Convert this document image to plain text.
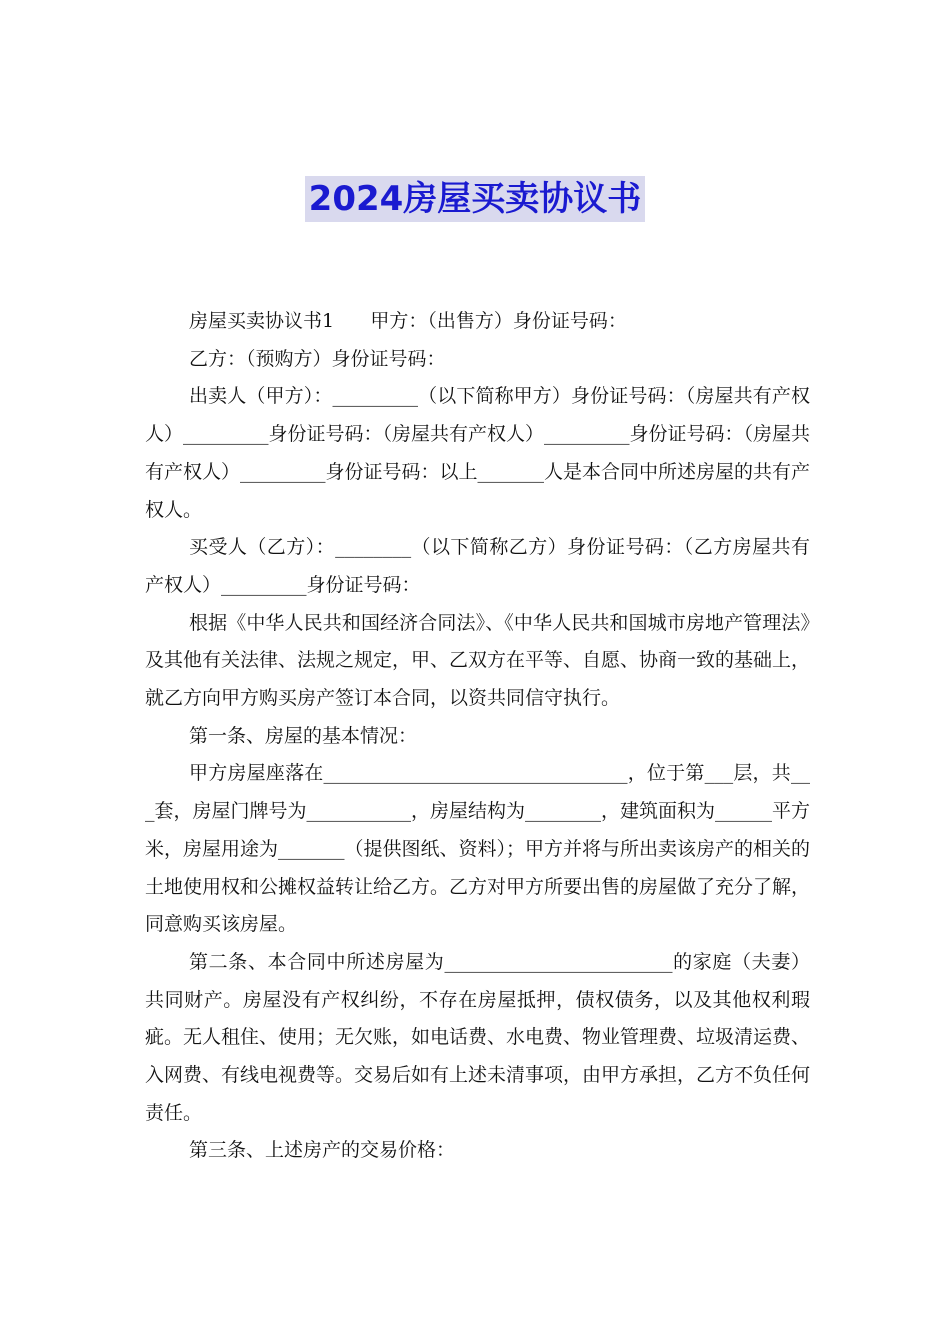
2024房屋买卖协议书

房屋买卖协议书1      甲方：（出售方）身份证号码：

乙方：（预购方）身份证号码：

出卖人（甲方）：_________（以下简称甲方）身份证号码：（房屋共有产权人）_________身份证号码：（房屋共有产权人）_________身份证号码：（房屋共有产权人）_________身份证号码：以上_______人是本合同中所述房屋的共有产权人。

买受人（乙方）：________（以下简称乙方）身份证号码：（乙方房屋共有产权人）_________身份证号码：

根据《中华人民共和国经济合同法》、《中华人民共和国城市房地产管理法》及其他有关法律、法规之规定，甲、乙双方在平等、自愿、协商一致的基础上，就乙方向甲方购买房产签订本合同，以资共同信守执行。

第一条、房屋的基本情况：

甲方房屋座落在________________________________，位于第___层，共___套，房屋门牌号为___________，房屋结构为________，建筑面积为______平方米，房屋用途为_______（提供图纸、资料）；甲方并将与所出卖该房产的相关的土地使用权和公摊权益转让给乙方。乙方对甲方所要出售的房屋做了充分了解，同意购买该房屋。

第二条、本合同中所述房屋为________________________的家庭（夫妻）共同财产。房屋没有产权纠纷，不存在房屋抵押，债权债务，以及其他权利瑕疵。无人租住、使用；无欠账，如电话费、水电费、物业管理费、垃圾清运费、入网费、有线电视费等。交易后如有上述未清事项，由甲方承担，乙方不负任何责任。

第三条、上述房产的交易价格：
